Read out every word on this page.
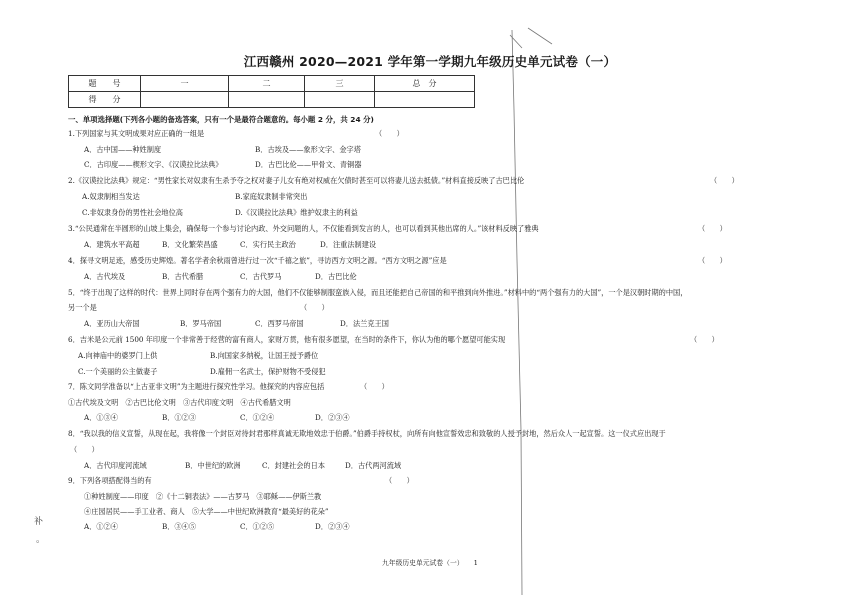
江西赣州 2020—2021 学年第一学期九年级历史单元试卷（一）
题　　号	一	二	三	总　分
得　　分				
一、单项选择题(下列各小题的备选答案，只有一个是最符合题意的。每小题 2 分，共 24 分)
1.下列国家与其文明成果对应正确的一组是	（　　）
A．古中国——种姓制度	B．古埃及——象形文字、金字塔
C．古印度——楔形文字、《汉谟拉比法典》	D．古巴比伦——甲骨文、青铜器
2.《汉谟拉比法典》规定：“男性家长对奴隶有生杀予夺之权对妻子儿女有绝对权威在欠债时甚至可以将妻儿送去抵债。”材料直接反映了古巴比伦	（　　）
A.奴隶制相当发达	B.家庭奴隶制非常突出
C.非奴隶身份的男性社会地位高	D.《汉谟拉比法典》维护奴隶主的利益
3.“公民通常在半圆形的山坡上集会，确保每一个参与讨论内政、外交问题的人，不仅能看到发言的人，也可以看到其他出席的人。”该材料反映了雅典	（　　）
A．建筑水平高超	B．文化繁荣昌盛	C．实行民主政治	D．注重法制建设
4．探寻文明足迹，感受历史辉煌。著名学者余秋雨曾进行过一次“千禧之旅”，寻访西方文明之源。“西方文明之源”应是	（　　）
A．古代埃及	B．古代希腊	C．古代罗马	D．古巴比伦
5．“终于出现了这样的时代：世界上同时存在两个强有力的大国，他们不仅能够制服蛮族入侵，而且还能把自己帝国的和平推到向外推进。”材料中的“两个强有力的大国”，一个是汉朝时期的中国，
另一个是	（　　）
A．亚历山大帝国	B．罗马帝国	C．西罗马帝国	D．法兰克王国
6．吉米是公元前 1500 年印度一个非常善于经营的富有商人，家财万贯，他有很多愿望，在当时的条件下，你认为他的哪个愿望可能实现	（　　）
A.向神庙中的婆罗门上供	B.向国家多纳税，让国王授予爵位
C.一个美丽的公主做妻子	D.雇佣一名武士，保护财物不受侵犯
7．陈文同学准备以“上古亚非文明”为主题进行探究性学习。他探究的内容应包括	（　　）
①古代埃及文明　②古巴比伦文明　③古代印度文明　④古代希腊文明
A．①③④	B．①②③	C．①②④	D．②③④
8．“我以我的信义宣誓，从现在起，我将像一个封臣对待封君那样真诚无欺地效忠于伯爵。”伯爵手持权杖，向所有向他宣誓效忠和致敬的人授予封地，然后众人一起宣誓。这一仪式应出现于
（　　）
A．古代印度河流域	B．中世纪的欧洲	C．封建社会的日本	D．古代两河流域
9．下列各项搭配得当的有	（　　）
①种姓制度——印度　②《十二铜表法》——古罗马　③耶稣——伊斯兰教
④庄园居民——手工业者、商人　⑤大学——中世纪欧洲教育“最美好的花朵”
A．①②④	B．③④⑤	C．①②⑤	D．②③④
九年级历史单元试卷（一） 1
补
。
